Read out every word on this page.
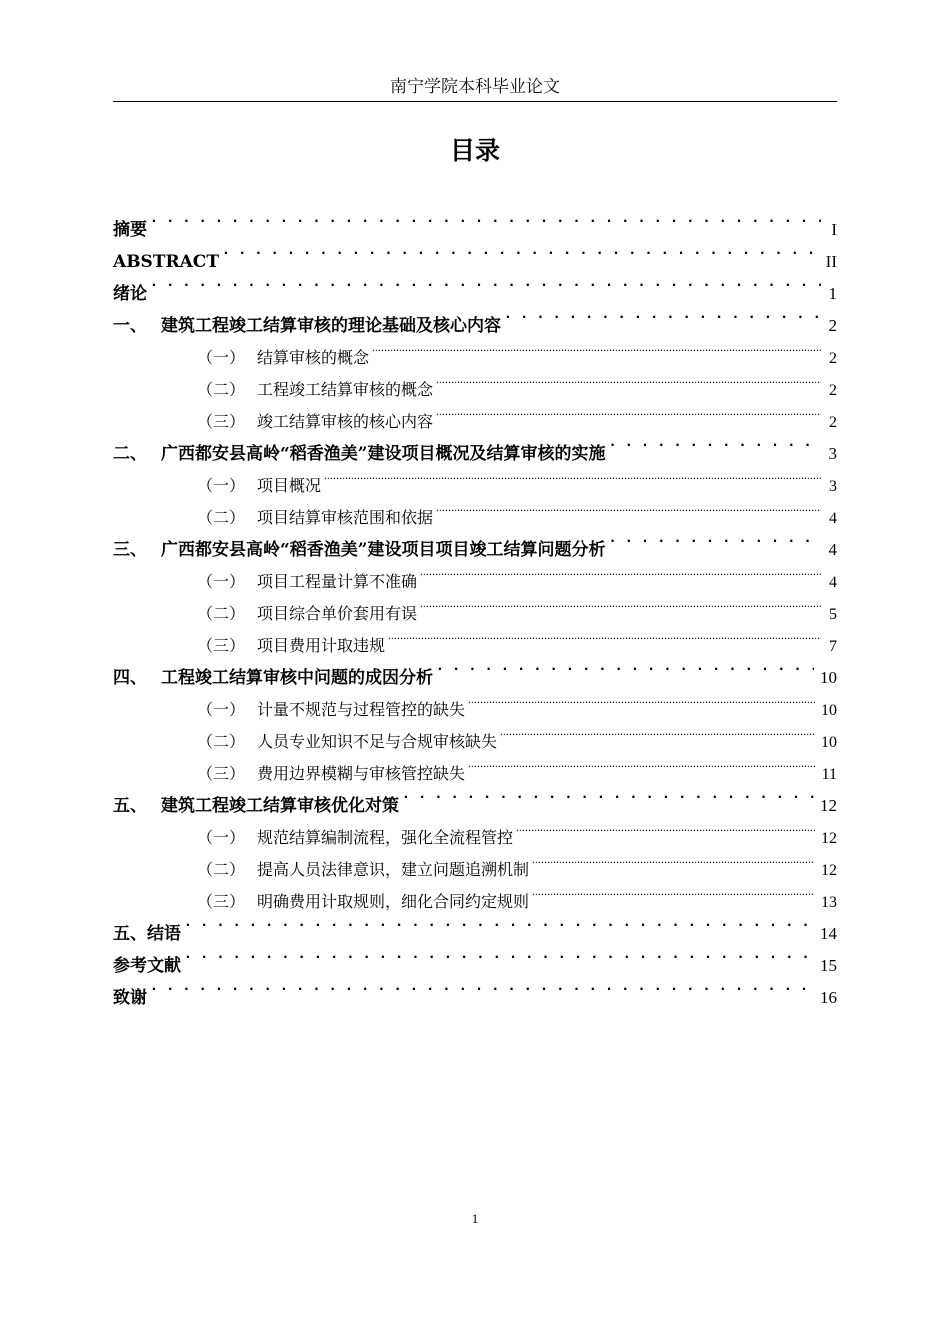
南宁学院本科毕业论文
目录
摘要 . . .	I
ABSTRACT . . .	II
绪论 . . .	1
一、 建筑工程竣工结算审核的理论基础及核心内容 . . .	2
（一） 结算审核的概念 .....	2
（二） 工程竣工结算审核的概念 .....	2
（三） 竣工结算审核的核心内容 .....	2
二、 广西都安县高岭“稻香渔美”建设项目概况及结算审核的实施 . . .	3
（一） 项目概况 .....	3
（二） 项目结算审核范围和依据 .....	4
三、 广西都安县高岭“稻香渔美”建设项目项目竣工结算问题分析 . . .	4
（一） 项目工程量计算不准确 .....	4
（二） 项目综合单价套用有误 .....	5
（三） 项目费用计取违规 .....	7
四、 工程竣工结算审核中问题的成因分析 . . .	10
（一） 计量不规范与过程管控的缺失 .....	10
（二） 人员专业知识不足与合规审核缺失 .....	10
（三） 费用边界模糊与审核管控缺失 .....	11
五、 建筑工程竣工结算审核优化对策 . . .	12
（一） 规范结算编制流程，强化全流程管控 .....	12
（二） 提高人员法律意识，建立问题追溯机制 .....	12
（三） 明确费用计取规则，细化合同约定规则 .....	13
五、结语 . . .	14
参考文献 . . .	15
致谢 . . .	16
1
